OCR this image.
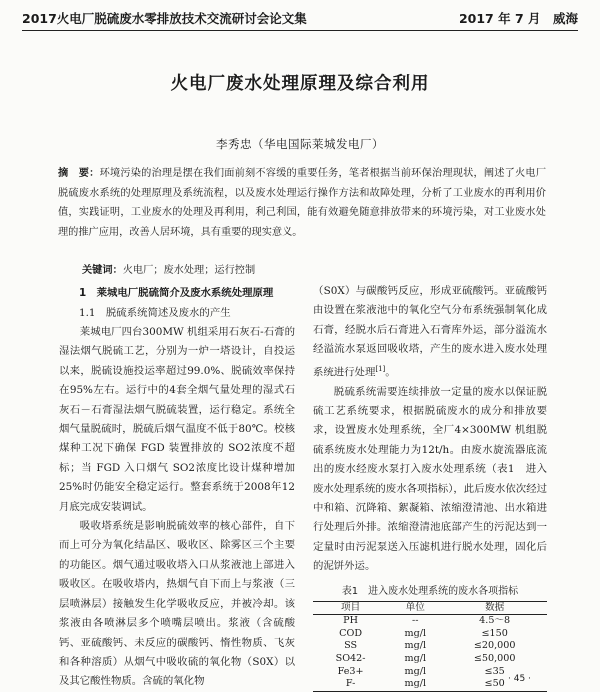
2017火电厂脱硫废水零排放技术交流研讨会论文集	2017 年 7 月　威海
火电厂废水处理原理及综合利用
李秀忠（华电国际莱城发电厂）
摘　要：环境污染的治理是摆在我们面前刻不容缓的重要任务，笔者根据当前环保治理现状，阐述了火电厂脱硫废水系统的处理原理及系统流程，以及废水处理运行操作方法和故障处理，分析了工业废水的再利用价值，实践证明，工业废水的处理及再利用，利己利国，能有效避免随意排放带来的环境污染，对工业废水处理的推广应用，改善人居环境，具有重要的现实意义。
关键词：火电厂；废水处理；运行控制
1　莱城电厂脱硫简介及废水系统处理原理
1.1　脱硫系统简述及废水的产生

莱城电厂四台300MW 机组采用石灰石-石膏的湿法烟气脱硫工艺，分别为一炉一塔设计，自投运以来，脱硫设施投运率超过99.0%、脱硫效率保持在95%左右。运行中的4套全烟气量处理的湿式石灰石－石膏湿法烟气脱硫装置，运行稳定。系统全烟气量脱硫时，脱硫后烟气温度不低于80℃。校核煤种工况下确保 FGD 装置排放的 SO2浓度不超标；当 FGD 入口烟气 SO2浓度比设计煤种增加25%时仍能安全稳定运行。整套系统于2008年12月底完成安装调试。

吸收塔系统是影响脱硫效率的核心部件，自下而上可分为氧化结晶区、吸收区、除雾区三个主要的功能区。烟气通过吸收塔入口从浆液池上部进入吸收区。在吸收塔内，热烟气自下而上与浆液（三层喷淋层）接触发生化学吸收反应，并被冷却。该浆液由各喷淋层多个喷嘴层喷出。浆液（含硫酸钙、亚硫酸钙、未反应的碳酸钙、惰性物质、飞灰和各种溶质）从烟气中吸收硫的氧化物（S0X）以及其它酸性物质。含硫的氧化物

（S0X）与碳酸钙反应，形成亚硫酸钙。亚硫酸钙由设置在浆液池中的氧化空气分布系统强制氧化成石膏，经脱水后石膏进入石膏库外运，部分溢流水经溢流水泵返回吸收塔，产生的废水进入废水处理系统进行处理[1]。

脱硫系统需要连续排放一定量的废水以保证脱硫工艺系统要求，根据脱硫废水的成分和排放要求，设置废水处理系统，全厂4×300MW 机组脱硫系统废水处理能力为12t/h。由废水旋流器底流出的废水经废水泵打入废水处理系统（表1　进入废水处理系统的废水各项指标），此后废水依次经过中和箱、沉降箱、絮凝箱、浓缩澄清池、出水箱进行处理后外排。浓缩澄清池底部产生的污泥达到一定量时由污泥泵送入压滤机进行脱水处理，固化后的泥饼外运。

表1　进入废水处理系统的废水各项指标
项目	单位	数据
PH	--	4.5～8
COD	mg/l	≤150
SS	mg/l	≤20,000
SO42-	mg/l	≤50,000
Fe3+	mg/l	≤35
F-	mg/l	≤50 · 45 ·
